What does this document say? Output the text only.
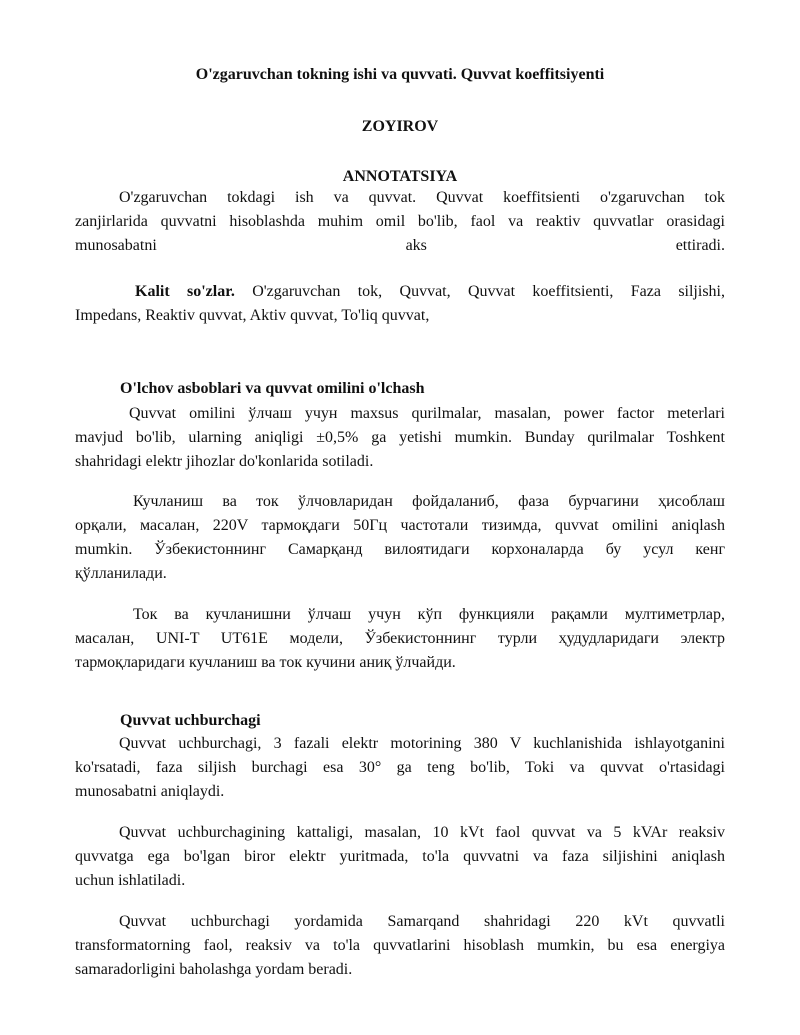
O'zgaruvchan tokning ishi va quvvati. Quvvat koeffitsiyenti
ZOYIROV
ANNOTATSIYA
O'zgaruvchan tokdagi ish va quvvat. Quvvat koeffitsienti o'zgaruvchan tok
zanjirlarida quvvatni hisoblashda muhim omil bo'lib, faol va reaktiv quvvatlar orasidagi
munosabatni aks ettiradi.
Kalit so'zlar. O'zgaruvchan tok, Quvvat, Quvvat koeffitsienti, Faza siljishi,
Impedans, Reaktiv quvvat, Aktiv quvvat, To'liq quvvat,
O'lchov asboblari va quvvat omilini o'lchash
Quvvat omilini ўлчаш учун maxsus qurilmalar, masalan, power factor meterlari
mavjud bo'lib, ularning aniqligi ±0,5% ga yetishi mumkin. Bunday qurilmalar Toshkent
shahridagi elektr jihozlar do'konlarida sotiladi.
Кучланиш ва ток ўлчовларидан фойдаланиб, фаза бурчагини ҳисоблаш
орқали, масалан, 220V тармоқдаги 50Гц частотали тизимда, quvvat omilini aniqlash
mumkin. Ўзбекистоннинг Самарқанд вилоятидаги корхоналарда бу усул кенг
қўлланилади.
Ток ва кучланишни ўлчаш учун кўп функцияли рақамли мултиметрлар,
масалан, UNI-T UT61E модели, Ўзбекистоннинг турли ҳудудларидаги электр
тармоқларидаги кучланиш ва ток кучини аниқ ўлчайди.
Quvvat uchburchagi
Quvvat uchburchagi, 3 fazali elektr motorining 380 V kuchlanishida ishlayotganini
ko'rsatadi, faza siljish burchagi esa 30° ga teng bo'lib, Toki va quvvat o'rtasidagi
munosabatni aniqlaydi.
Quvvat uchburchagining kattaligi, masalan, 10 kVt faol quvvat va 5 kVAr reaksiv
quvvatga ega bo'lgan biror elektr yuritmada, to'la quvvatni va faza siljishini aniqlash
uchun ishlatiladi.
Quvvat uchburchagi yordamida Samarqand shahridagi 220 kVt quvvatli
transformatorning faol, reaksiv va to'la quvvatlarini hisoblash mumkin, bu esa energiya
samaradorligini baholashga yordam beradi.
